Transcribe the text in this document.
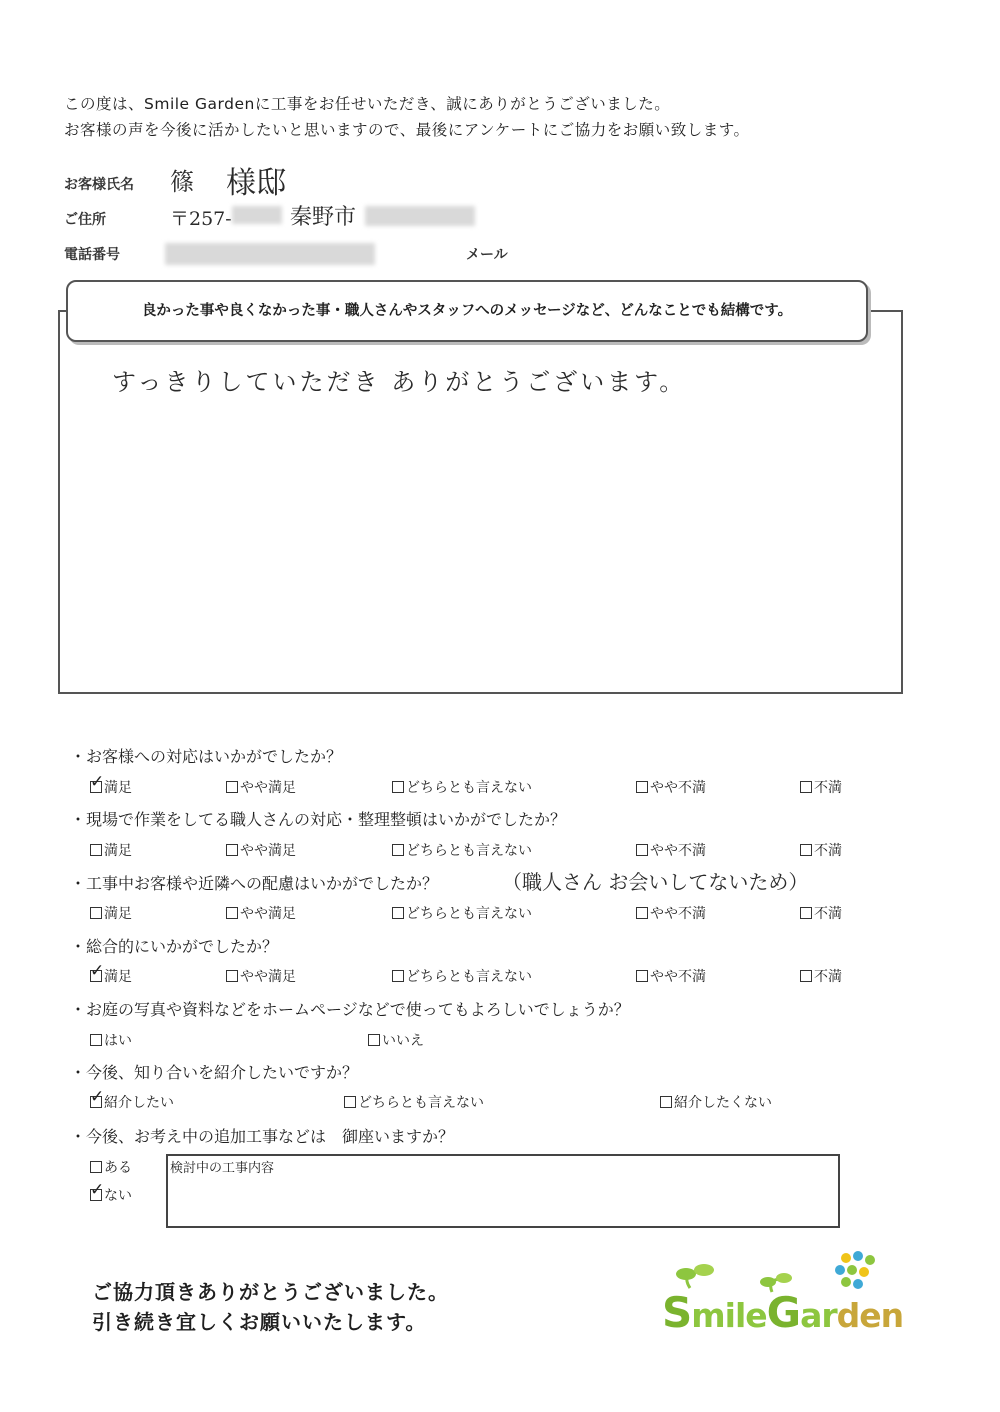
この度は、Smile Gardenに工事をお任せいただき、誠にありがとうございました。
お客様の声を今後に活かしたいと思いますので、最後にアンケートにご協力をお願い致します。
お客様氏名 篠 様邸
ご住所	〒257-	秦野市
電話番号	メール
良かった事や良くなかった事・職人さんやスタッフへのメッセージなど、どんなことでも結構です。
すっきりしていただき ありがとうございます。
・お客様への対応はいかがでしたか？
✓ 満足	やや満足	どちらとも言えない	やや不満	不満
・現場で作業をしてる職人さんの対応・整理整頓はいかがでしたか？
満足	やや満足	どちらとも言えない	やや不満	不満
・工事中お客様や近隣への配慮はいかがでしたか？	（職人さん お会いしてないため）
満足	やや満足	どちらとも言えない	やや不満	不満
・総合的にいかがでしたか？
✓ 満足	やや満足	どちらとも言えない	やや不満	不満
・お庭の写真や資料などをホームページなどで使ってもよろしいでしょうか？
はい	いいえ
・今後、知り合いを紹介したいですか？
✓ 紹介したい	どちらとも言えない	紹介したくない
・今後、お考え中の追加工事などは　御座いますか？
ある
✓ ない
検討中の工事内容
ご協力頂きありがとうございました。
引き続き宜しくお願いいたします。	SmileGarden
